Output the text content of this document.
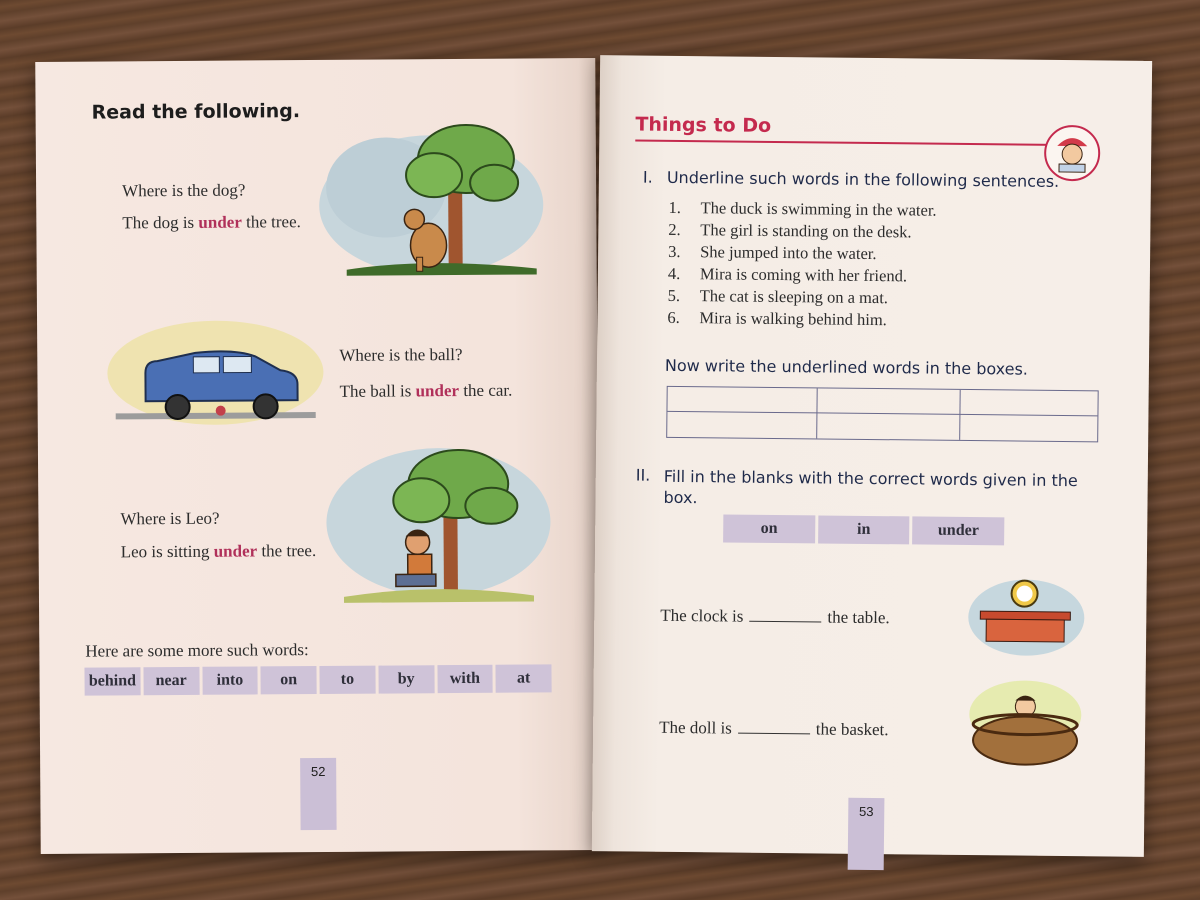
Read the following.
Where is the dog?
The dog is under the tree.
Where is the ball?
The ball is under the car.
Where is Leo?
Leo is sitting under the tree.
Here are some more such words:
behind	near	into	on	to	by	with	at
52
Things to Do
I. Underline such words in the following sentences.
1.	The duck is swimming in the water.
2.	The girl is standing on the desk.
3.	She jumped into the water.
4.	Mira is coming with her friend.
5.	The cat is sleeping on a mat.
6.	Mira is walking behind him.
Now write the underlined words in the boxes.
II. Fill in the blanks with the correct words given in the box.
on	in	under
The clock is	the table.
The doll is	the basket.
53
